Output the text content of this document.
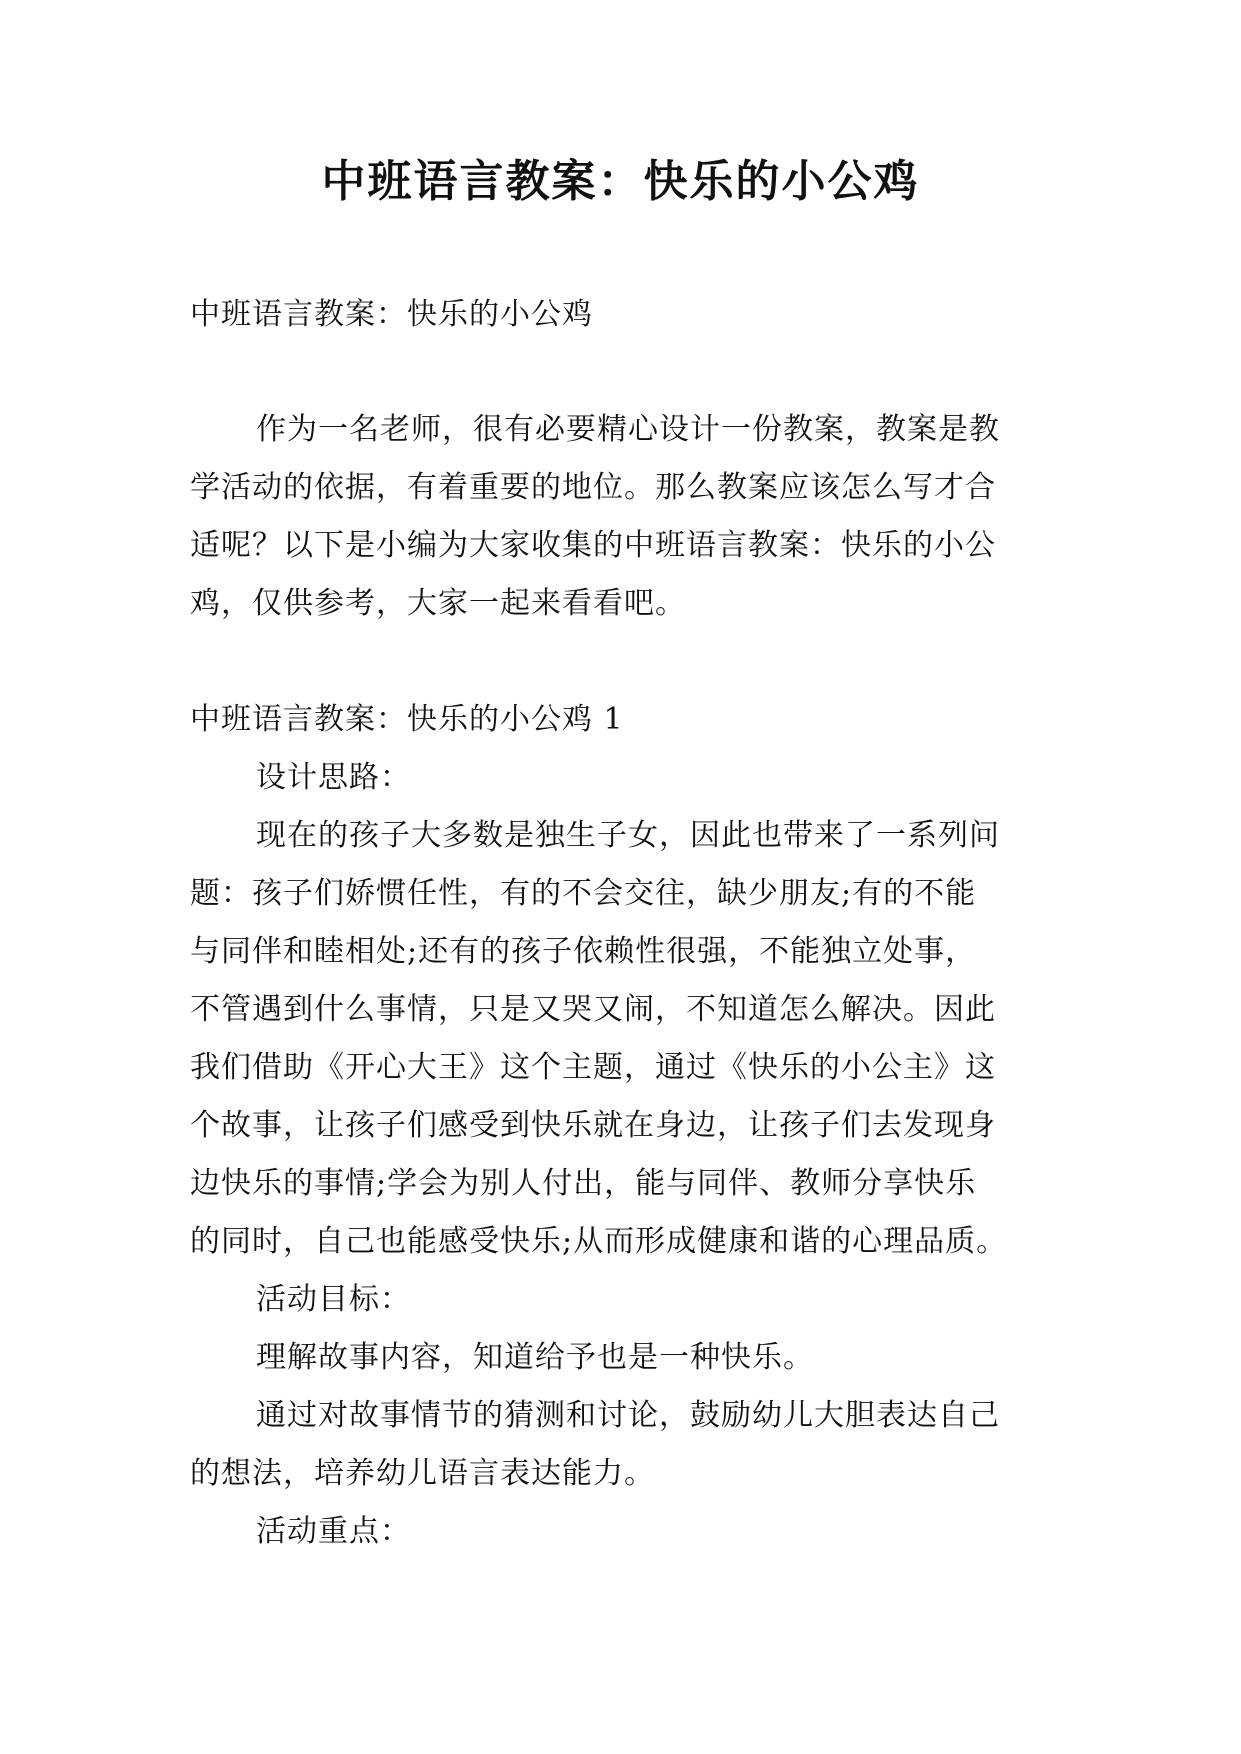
中班语言教案：快乐的小公鸡
中班语言教案：快乐的小公鸡
作为一名老师，很有必要精心设计一份教案，教案是教
学活动的依据，有着重要的地位。那么教案应该怎么写才合
适呢？以下是小编为大家收集的中班语言教案：快乐的小公
鸡，仅供参考，大家一起来看看吧。
中班语言教案：快乐的小公鸡 1
设计思路：
现在的孩子大多数是独生子女，因此也带来了一系列问
题：孩子们娇惯任性，有的不会交往，缺少朋友;有的不能
与同伴和睦相处;还有的孩子依赖性很强，不能独立处事，
不管遇到什么事情，只是又哭又闹，不知道怎么解决。因此
我们借助《开心大王》这个主题，通过《快乐的小公主》这
个故事，让孩子们感受到快乐就在身边，让孩子们去发现身
边快乐的事情;学会为别人付出，能与同伴、教师分享快乐
的同时，自己也能感受快乐;从而形成健康和谐的心理品质。
活动目标：
理解故事内容，知道给予也是一种快乐。
通过对故事情节的猜测和讨论，鼓励幼儿大胆表达自己
的想法，培养幼儿语言表达能力。
活动重点：
